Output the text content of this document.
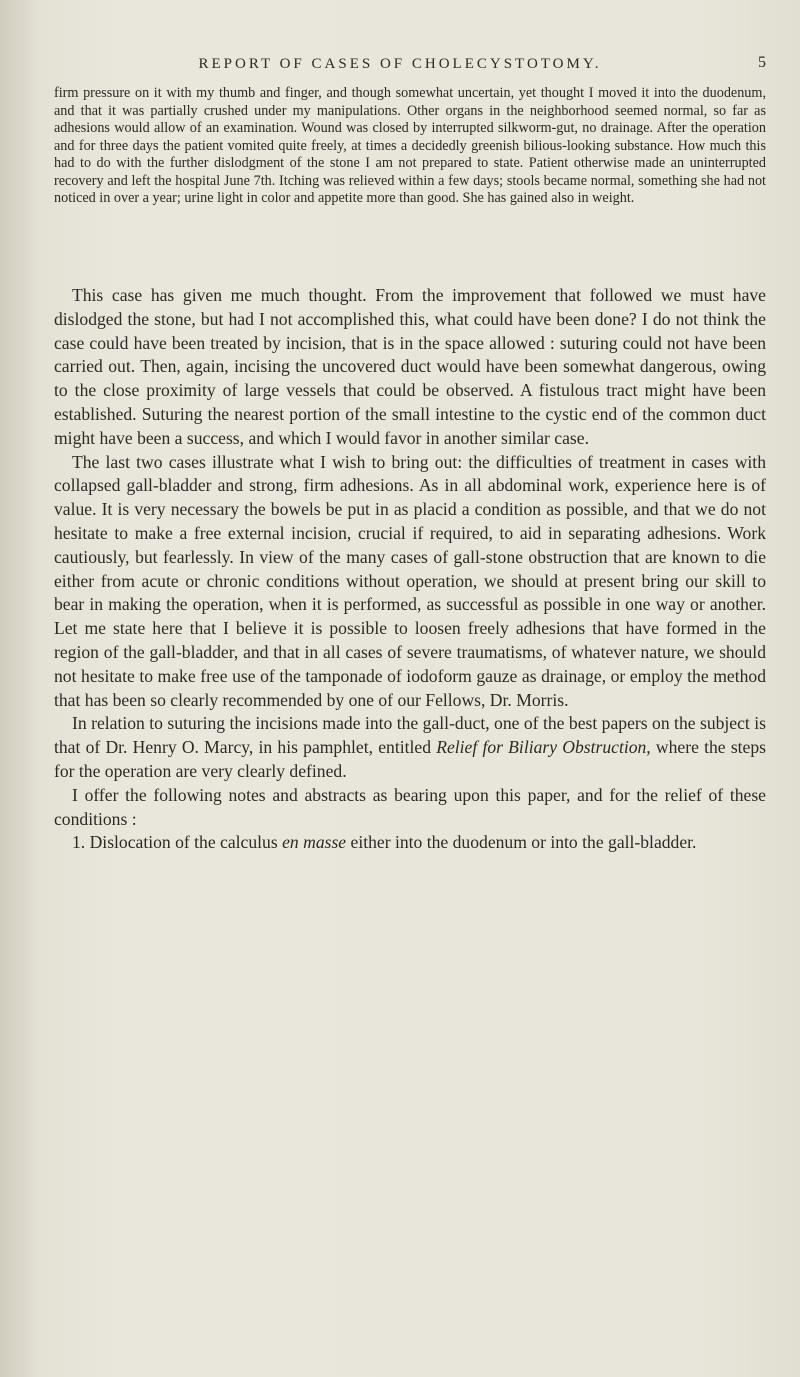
REPORT OF CASES OF CHOLECYSTOTOMY.	5

firm pressure on it with my thumb and finger, and though somewhat uncertain, yet thought I moved it into the duodenum, and that it was partially crushed under my manipulations. Other organs in the neighborhood seemed normal, so far as adhesions would allow of an examination. Wound was closed by interrupted silkworm-gut, no drainage. After the operation and for three days the patient vomited quite freely, at times a decidedly greenish bilious-looking substance. How much this had to do with the further dislodgment of the stone I am not prepared to state. Patient otherwise made an uninterrupted recovery and left the hospital June 7th. Itching was relieved within a few days; stools became normal, something she had not noticed in over a year; urine light in color and appetite more than good. She has gained also in weight.

This case has given me much thought. From the improvement that followed we must have dislodged the stone, but had I not accomplished this, what could have been done? I do not think the case could have been treated by incision, that is in the space allowed : suturing could not have been carried out. Then, again, incising the uncovered duct would have been somewhat dangerous, owing to the close proximity of large vessels that could be observed. A fistulous tract might have been established. Suturing the nearest portion of the small intestine to the cystic end of the common duct might have been a success, and which I would favor in another similar case.

The last two cases illustrate what I wish to bring out: the difficulties of treatment in cases with collapsed gall-bladder and strong, firm adhesions. As in all abdominal work, experience here is of value. It is very necessary the bowels be put in as placid a condition as possible, and that we do not hesitate to make a free external incision, crucial if required, to aid in separating adhesions. Work cautiously, but fearlessly. In view of the many cases of gall-stone obstruction that are known to die either from acute or chronic conditions without operation, we should at present bring our skill to bear in making the operation, when it is performed, as successful as possible in one way or another. Let me state here that I believe it is possible to loosen freely adhesions that have formed in the region of the gall-bladder, and that in all cases of severe traumatisms, of whatever nature, we should not hesitate to make free use of the tamponade of iodoform gauze as drainage, or employ the method that has been so clearly recommended by one of our Fellows, Dr. Morris.

In relation to suturing the incisions made into the gall-duct, one of the best papers on the subject is that of Dr. Henry O. Marcy, in his pamphlet, entitled Relief for Biliary Obstruction, where the steps for the operation are very clearly defined.

I offer the following notes and abstracts as bearing upon this paper, and for the relief of these conditions :

1. Dislocation of the calculus en masse either into the duodenum or into the gall-bladder.
